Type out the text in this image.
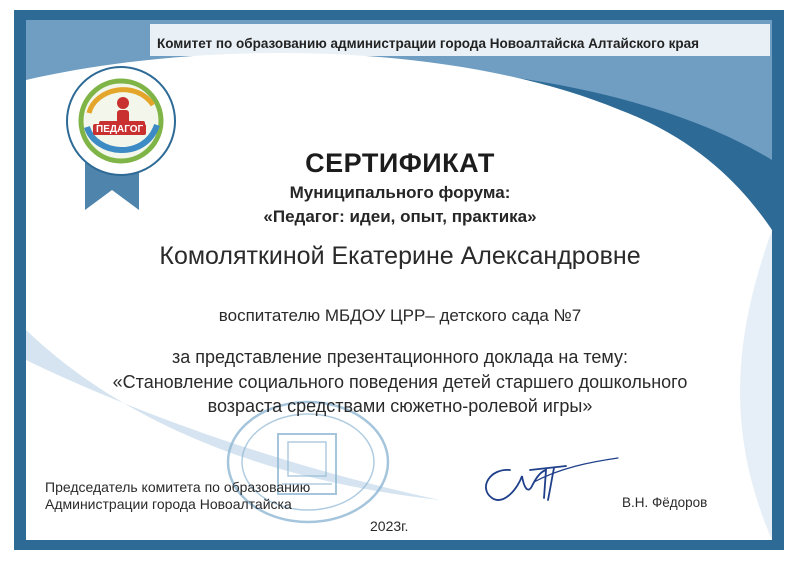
ПЕДАГОГ
Комитет по образованию администрации города Новоалтайска Алтайского края
СЕРТИФИКАТ
Муниципального форума:
«Педагог: идеи, опыт, практика»
Комоляткиной Екатерине Александровне
воспитателю МБДОУ ЦРР– детского сада №7
за представление презентационного доклада на тему:
«Становление социального поведения детей старшего дошкольного
возраста средствами сюжетно-ролевой игры»
Председатель комитета по образованию
Администрации города Новоалтайска	В.Н. Фёдоров
2023г.
